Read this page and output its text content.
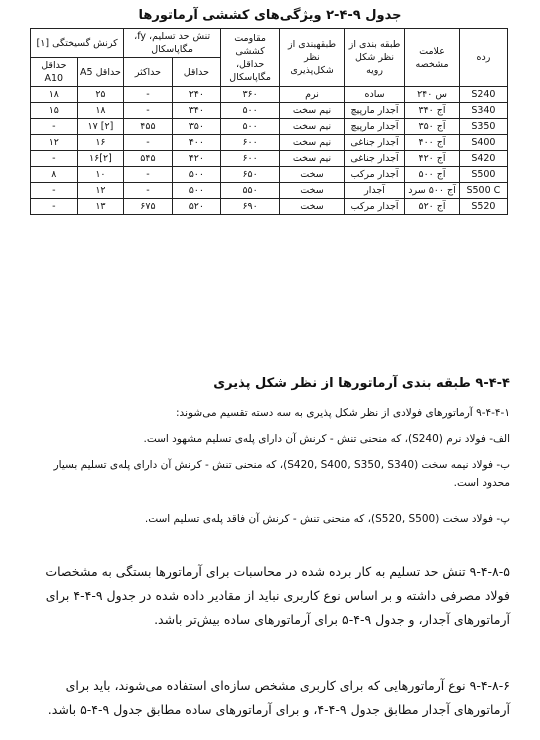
جدول ۹-۴-۲ ویژگی‌های کششی آرماتورها
رده	علامت مشخصه	طبقه بندی از نظر شکل رویه	طبقهبندی از نظر شکل‌پذیری	مقاومت کششی حداقل، مگاپاسکال	تنش حد تسلیم، fy، مگاپاسکال		کرنش گسیختگی [۱]	
					حداقل	حداکثر	حداقل A5	حداقل A10
S240	س ۲۴۰	ساده	نرم	۳۶۰	۲۴۰	-	۲۵	۱۸
S340	آج ۳۴۰	آجدار مارپیچ	نیم سخت	۵۰۰	۳۴۰	-	۱۸	۱۵
S350	آج ۳۵۰	آجدار مارپیچ	نیم سخت	۵۰۰	۳۵۰	۴۵۵	[۲] ۱۷	-
S400	آج ۴۰۰	آجدار جناغی	نیم سخت	۶۰۰	۴۰۰	-	۱۶	۱۲
S420	آج ۴۲۰	آجدار جناغی	نیم سخت	۶۰۰	۴۲۰	۵۴۵	[۲]۱۶	-
S500	آج ۵۰۰	آجدار مرکب	سخت	۶۵۰	۵۰۰	-	۱۰	۸
S500 C	آج ۵۰۰ سرد	آجدار	سخت	۵۵۰	۵۰۰	-	۱۲	-
S520	آج ۵۲۰	آجدار مرکب	سخت	۶۹۰	۵۲۰	۶۷۵	۱۳	-
۹-۴-۴ طبقه بندی آرماتورها از نظر شکل پذیری
۹-۴-۴-۱ آرماتورهای فولادی از نظر شکل پذیری به سه دسته تقسیم می‌شوند:
الف- فولاد نرم (S240)، که منحنی تنش - کرنش آن دارای پله‌ی تسلیم مشهود است.
ب- فولاد نیمه سخت (S420, S400, S350, S340)، که منحنی تنش - کرنش آن دارای پله‌ی تسلیم بسیار محدود است.
پ- فولاد سخت (S520, S500)، که منحنی تنش - کرنش آن فاقد پله‌ی تسلیم است.
۹-۴-۸-۵ تنش حد تسلیم به کار برده شده در محاسبات برای آرماتورها بستگی به مشخصات فولاد مصرفی داشته و بر اساس نوع کاربری نباید از مقادیر داده شده در جدول ۹-۴-۴ برای آرماتورهای آجدار، و جدول ۹-۴-۵ برای آرماتورهای ساده بیش‌تر باشد.
۹-۴-۸-۶ نوع آرماتورهایی که برای کاربری مشخص سازه‌ای استفاده می‌شوند، باید برای آرماتورهای آجدار مطابق جدول ۹-۴-۴، و برای آرماتورهای ساده مطابق جدول ۹-۴-۵ باشد.
